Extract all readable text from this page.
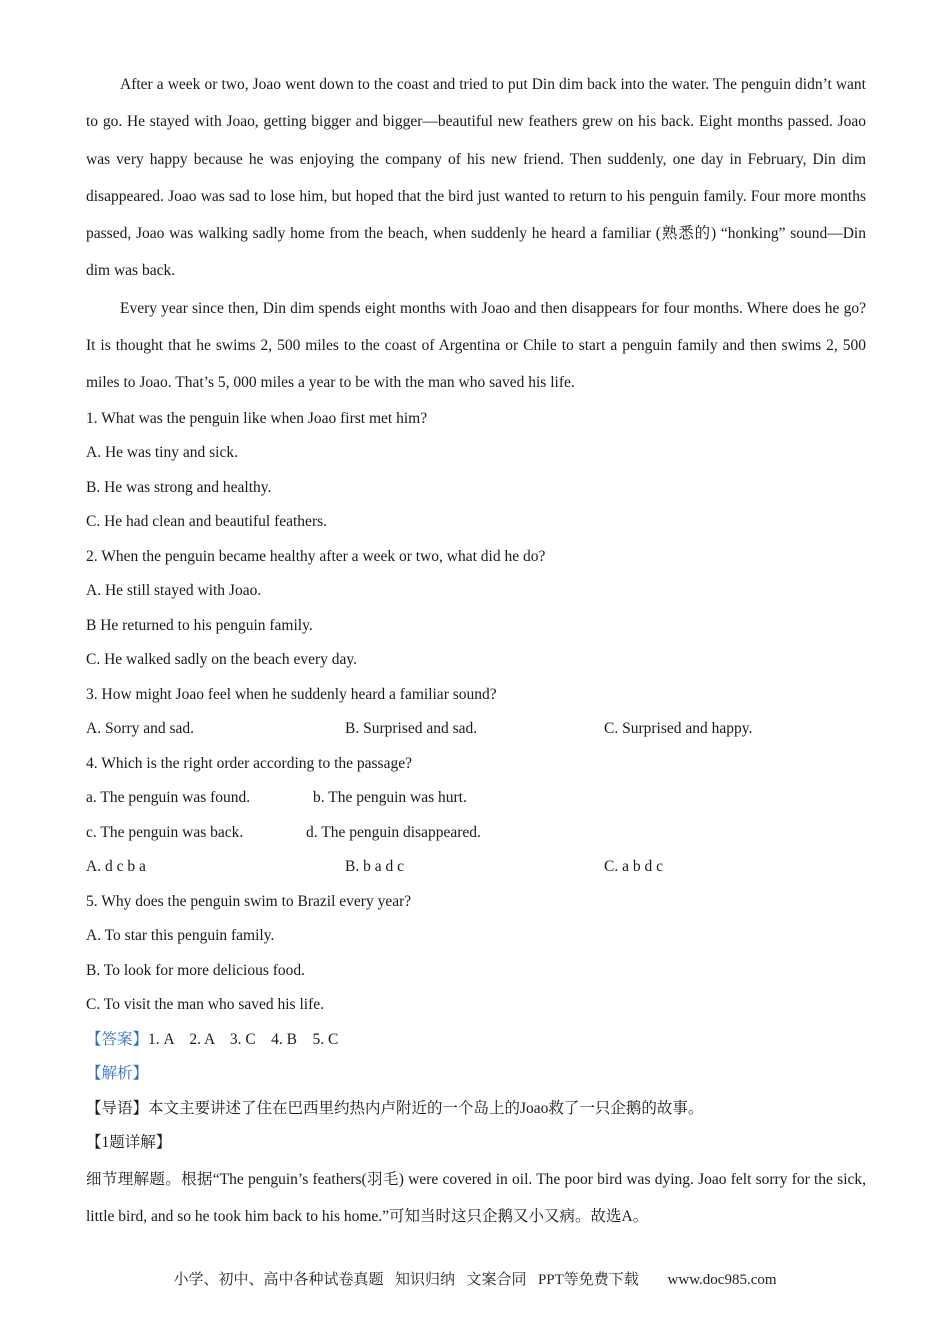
After a week or two, Joao went down to the coast and tried to put Din dim back into the water. The penguin didn’t want to go. He stayed with Joao, getting bigger and bigger—beautiful new feathers grew on his back. Eight months passed. Joao was very happy because he was enjoying the company of his new friend. Then suddenly, one day in February, Din dim disappeared. Joao was sad to lose him, but hoped that the bird just wanted to return to his penguin family. Four more months passed, Joao was walking sadly home from the beach, when suddenly he heard a familiar (熟悉的) “honking” sound—Din dim was back.

Every year since then, Din dim spends eight months with Joao and then disappears for four months. Where does he go? It is thought that he swims 2, 500 miles to the coast of Argentina or Chile to start a penguin family and then swims 2, 500 miles to Joao. That’s 5, 000 miles a year to be with the man who saved his life.

1. What was the penguin like when Joao first met him?
A. He was tiny and sick.
B. He was strong and healthy.
C. He had clean and beautiful feathers.
2. When the penguin became healthy after a week or two, what did he do?
A. He still stayed with Joao.
B He returned to his penguin family.
C. He walked sadly on the beach every day.
3. How might Joao feel when he suddenly heard a familiar sound?
A. Sorry and sad.	B. Surprised and sad.	C. Surprised and happy.
4. Which is the right order according to the passage?
a. The penguin was found.	b. The penguin was hurt.
c. The penguin was back.	d. The penguin disappeared.
A. d c b a	B. b a d c	C. a b d c
5. Why does the penguin swim to Brazil every year?
A. To star this penguin family.
B. To look for more delicious food.
C. To visit the man who saved his life.
【答案】1. A    2. A    3. C    4. B    5. C
【解析】
【导语】本文主要讲述了住在巴西里约热内卢附近的一个岛上的Joao救了一只企鹅的故事。
【1题详解】

细节理解题。根据“The penguin’s feathers(羽毛) were covered in oil. The poor bird was dying. Joao felt sorry for the sick, little bird, and so he took him back to his home.”可知当时这只企鹅又小又病。故选A。

小学、初中、高中各种试卷真题  知识归纳  文案合同  PPT等免费下载     www.doc985.com
